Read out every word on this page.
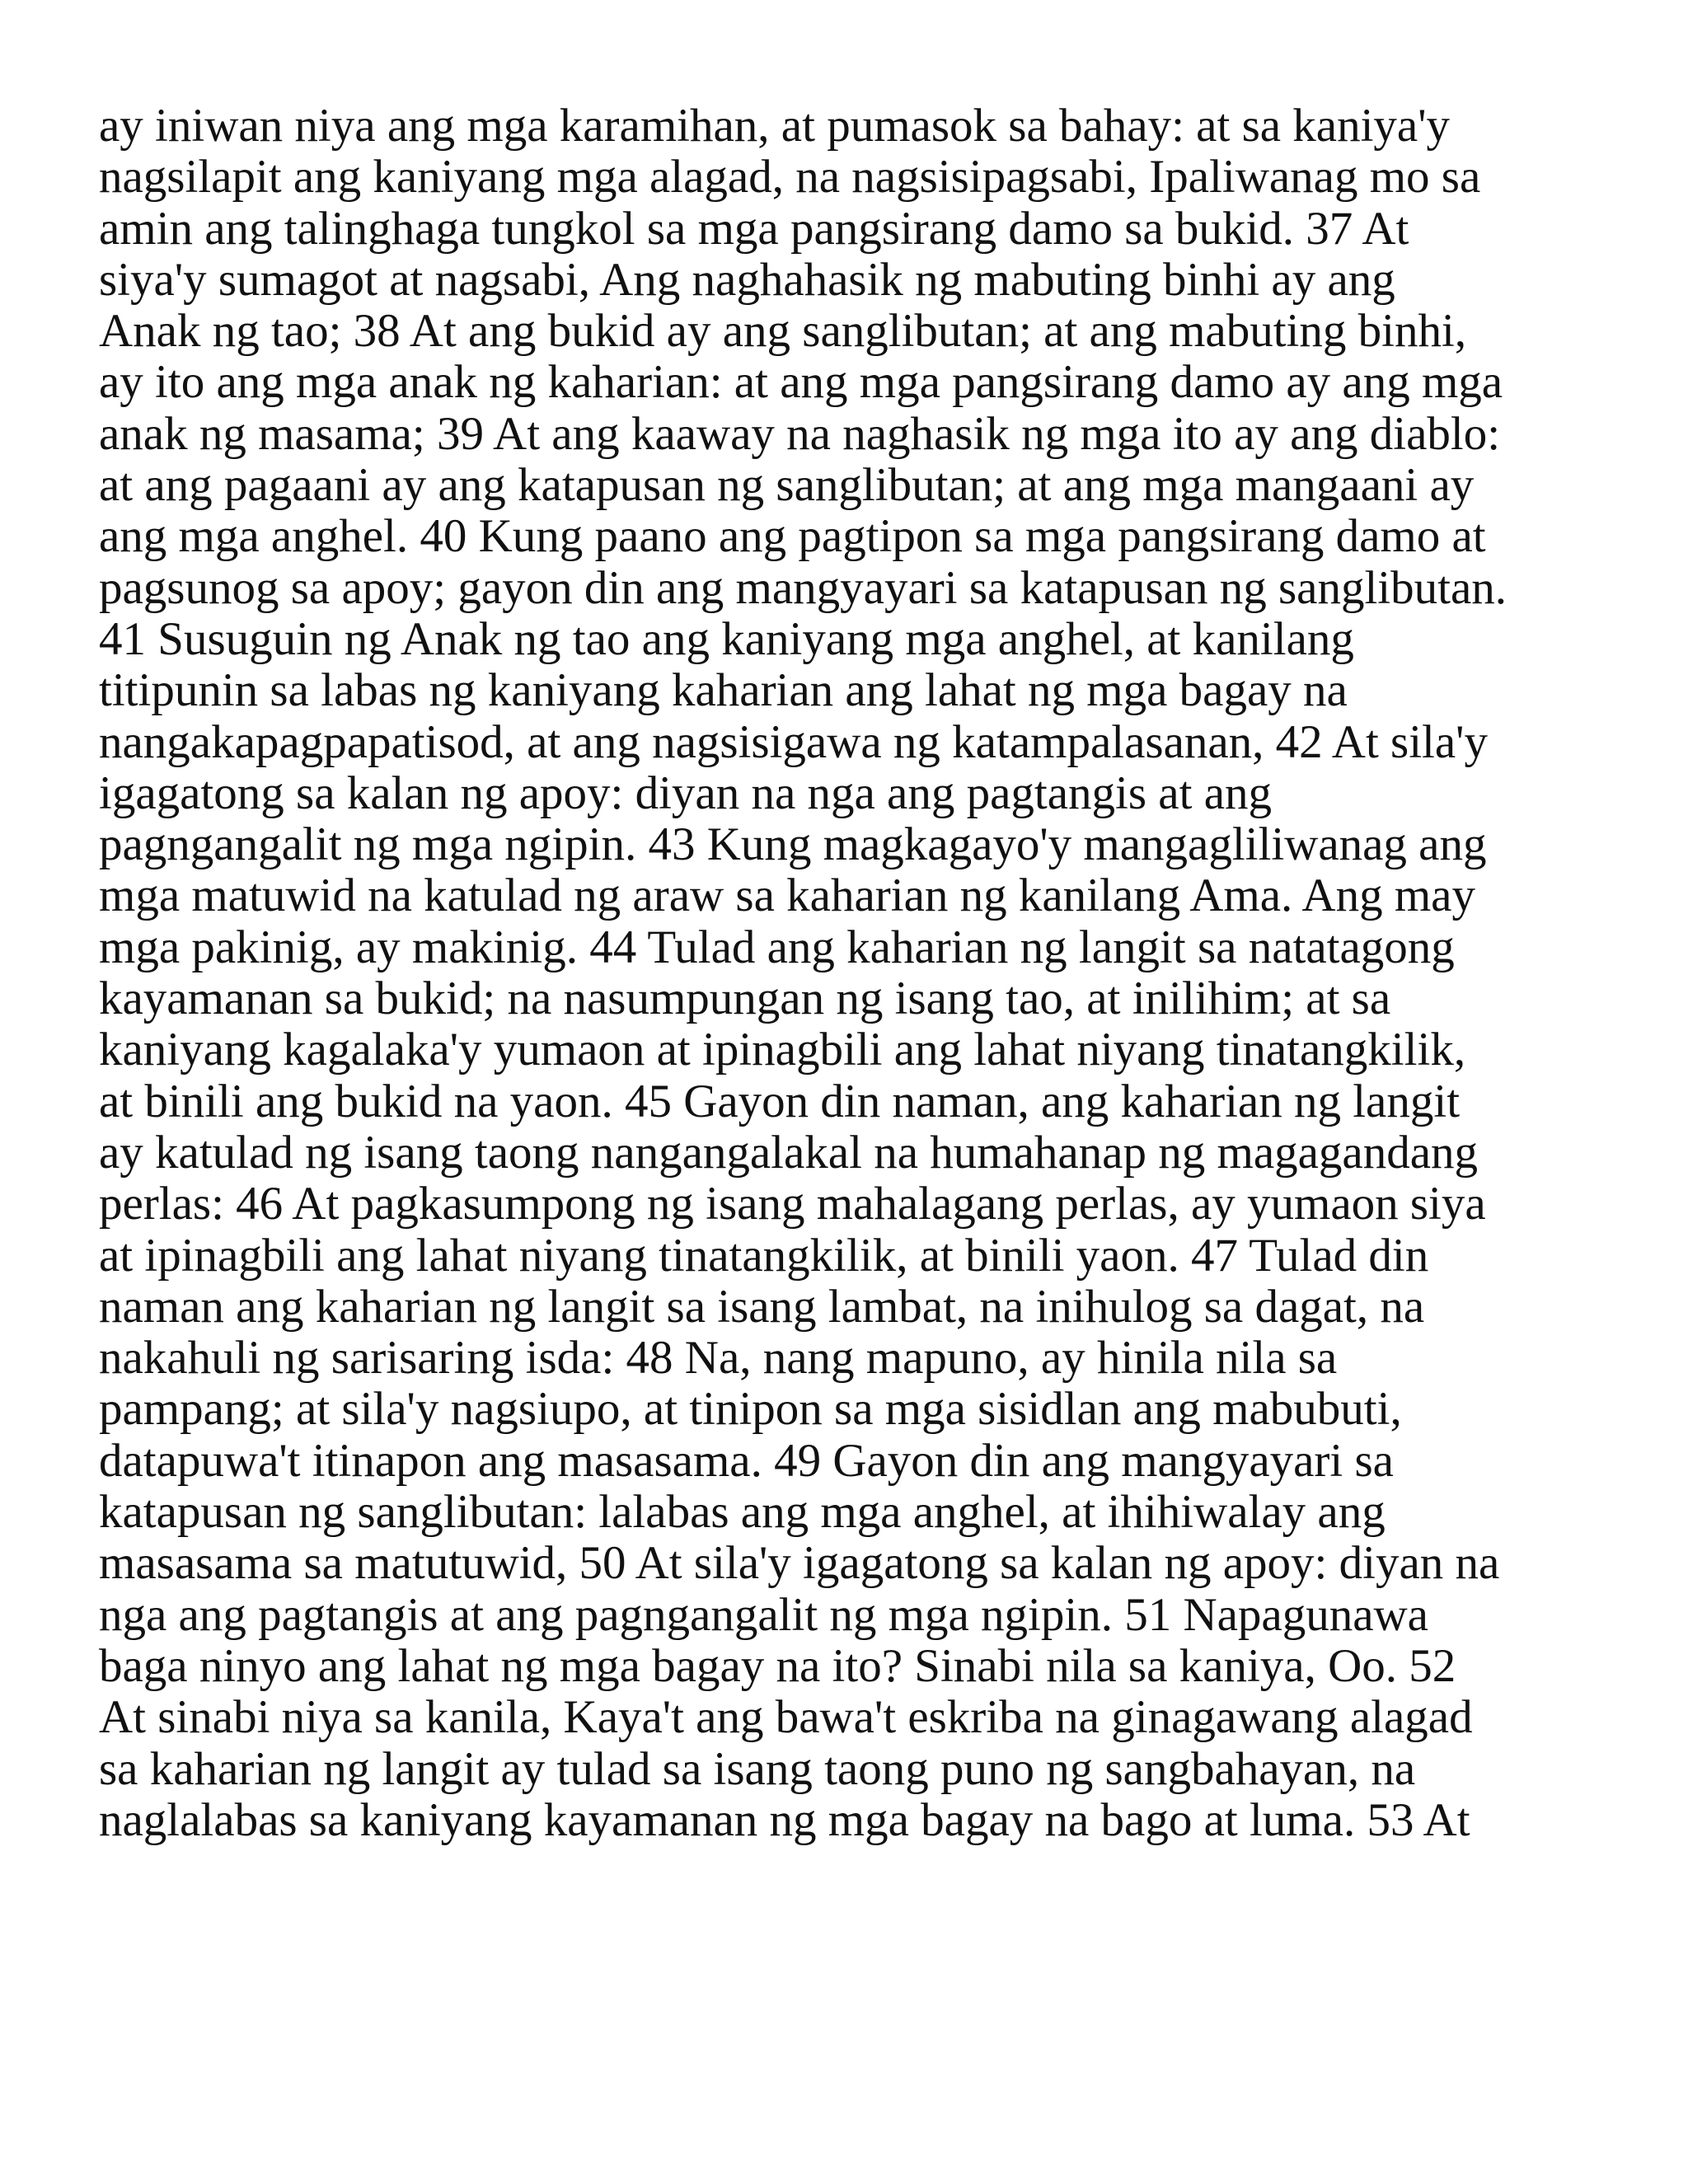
ay iniwan niya ang mga karamihan, at pumasok sa bahay: at sa kaniya'y
nagsilapit ang kaniyang mga alagad, na nagsisipagsabi, Ipaliwanag mo sa
amin ang talinghaga tungkol sa mga pangsirang damo sa bukid. 37 At
siya'y sumagot at nagsabi, Ang naghahasik ng mabuting binhi ay ang
Anak ng tao; 38 At ang bukid ay ang sanglibutan; at ang mabuting binhi,
ay ito ang mga anak ng kaharian: at ang mga pangsirang damo ay ang mga
anak ng masama; 39 At ang kaaway na naghasik ng mga ito ay ang diablo:
at ang pagaani ay ang katapusan ng sanglibutan; at ang mga mangaani ay
ang mga anghel. 40 Kung paano ang pagtipon sa mga pangsirang damo at
pagsunog sa apoy; gayon din ang mangyayari sa katapusan ng sanglibutan.
41 Susuguin ng Anak ng tao ang kaniyang mga anghel, at kanilang
titipunin sa labas ng kaniyang kaharian ang lahat ng mga bagay na
nangakapagpapatisod, at ang nagsisigawa ng katampalasanan, 42 At sila'y
igagatong sa kalan ng apoy: diyan na nga ang pagtangis at ang
pagngangalit ng mga ngipin. 43 Kung magkagayo'y mangagliliwanag ang
mga matuwid na katulad ng araw sa kaharian ng kanilang Ama. Ang may
mga pakinig, ay makinig. 44 Tulad ang kaharian ng langit sa natatagong
kayamanan sa bukid; na nasumpungan ng isang tao, at inilihim; at sa
kaniyang kagalaka'y yumaon at ipinagbili ang lahat niyang tinatangkilik,
at binili ang bukid na yaon. 45 Gayon din naman, ang kaharian ng langit
ay katulad ng isang taong nangangalakal na humahanap ng magagandang
perlas: 46 At pagkasumpong ng isang mahalagang perlas, ay yumaon siya
at ipinagbili ang lahat niyang tinatangkilik, at binili yaon. 47 Tulad din
naman ang kaharian ng langit sa isang lambat, na inihulog sa dagat, na
nakahuli ng sarisaring isda: 48 Na, nang mapuno, ay hinila nila sa
pampang; at sila'y nagsiupo, at tinipon sa mga sisidlan ang mabubuti,
datapuwa't itinapon ang masasama. 49 Gayon din ang mangyayari sa
katapusan ng sanglibutan: lalabas ang mga anghel, at ihihiwalay ang
masasama sa matutuwid, 50 At sila'y igagatong sa kalan ng apoy: diyan na
nga ang pagtangis at ang pagngangalit ng mga ngipin. 51 Napagunawa
baga ninyo ang lahat ng mga bagay na ito? Sinabi nila sa kaniya, Oo. 52
At sinabi niya sa kanila, Kaya't ang bawa't eskriba na ginagawang alagad
sa kaharian ng langit ay tulad sa isang taong puno ng sangbahayan, na
naglalabas sa kaniyang kayamanan ng mga bagay na bago at luma. 53 At
